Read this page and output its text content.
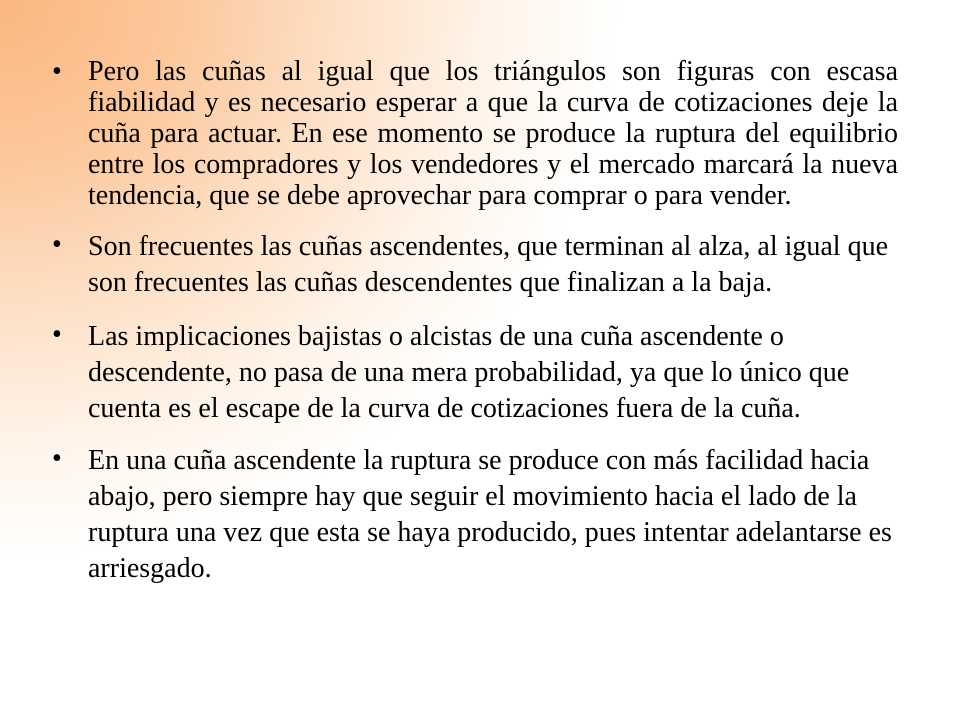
• Pero las cuñas al igual que los triángulos son figuras con escasa fiabilidad y es necesario esperar a que la curva de cotizaciones deje la cuña para actuar. En ese momento se produce la ruptura del equilibrio entre los compradores y los vendedores y el mercado marcará la nueva tendencia, que se debe aprovechar para comprar o para vender.
• Son frecuentes las cuñas ascendentes, que terminan al alza, al igual que son frecuentes las cuñas descendentes que finalizan a la baja.
• Las implicaciones bajistas o alcistas de una cuña ascendente o descendente, no pasa de una mera probabilidad, ya que lo único que cuenta es el escape de la curva de cotizaciones fuera de la cuña.
• En una cuña ascendente la ruptura se produce con más facilidad hacia abajo, pero siempre hay que seguir el movimiento hacia el lado de la ruptura una vez que esta se haya producido, pues intentar adelantarse es arriesgado.
